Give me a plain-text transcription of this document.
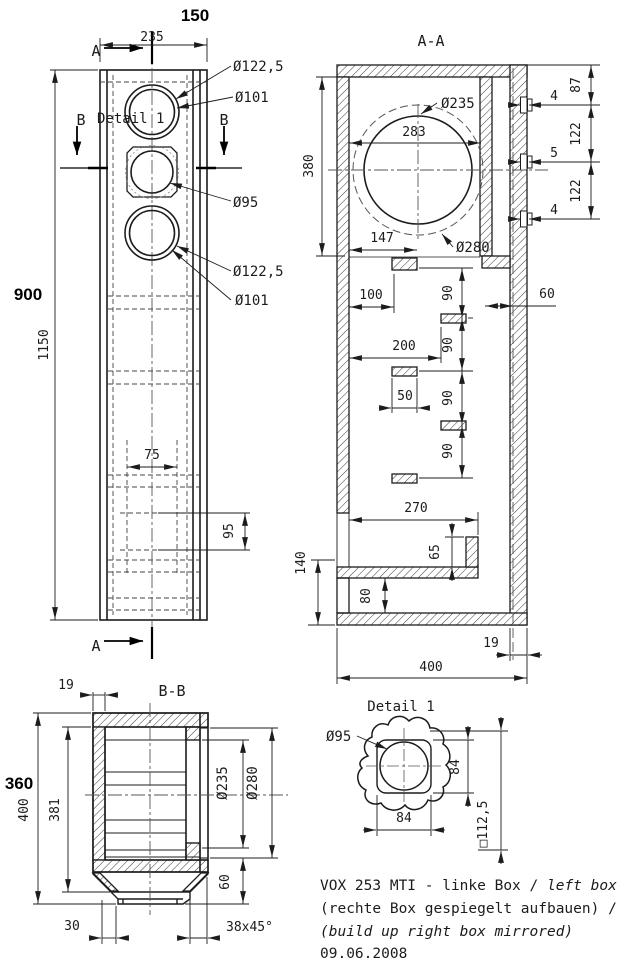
235
150
1150
900
A
A
B	B
Detail 1
Ø122,5
Ø101
Ø95
Ø122,5
Ø101
75
95
A-A
380
Ø235
283
147
Ø280
87
122
122
4
5
4
100	60
200
90
90
90
90
50
270
65
140
80
19
400
B-B
19
360
400 381
Ø235 Ø280
60
30	38x45°
Detail 1
Ø95
84
84	□112,5
VOX 253 MTI - linke Box / left box
(rechte Box gespiegelt aufbauen) /
(build up right box mirrored)
09.06.2008
